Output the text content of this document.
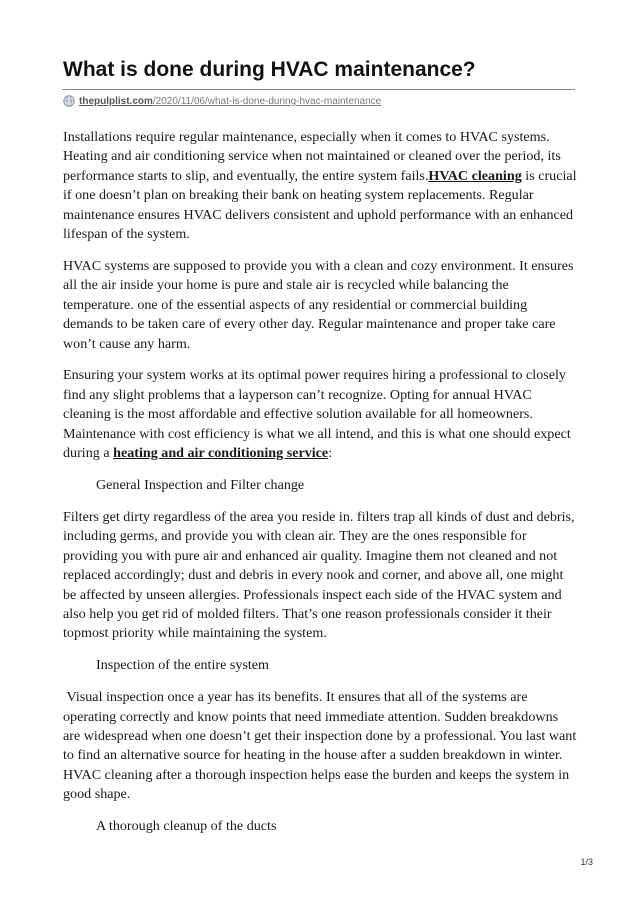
What is done during HVAC maintenance?
thepulplist.com /2020/11/06/what-is-done-during-hvac-maintenance

Installations require regular maintenance, especially when it comes to HVAC systems. Heating and air conditioning service when not maintained or cleaned over the period, its performance starts to slip, and eventually, the entire system fails.HVAC cleaning is crucial if one doesn’t plan on breaking their bank on heating system replacements. Regular maintenance ensures HVAC delivers consistent and uphold performance with an enhanced lifespan of the system.

HVAC systems are supposed to provide you with a clean and cozy environment. It ensures all the air inside your home is pure and stale air is recycled while balancing the temperature. one of the essential aspects of any residential or commercial building demands to be taken care of every other day. Regular maintenance and proper take care won’t cause any harm.

Ensuring your system works at its optimal power requires hiring a professional to closely find any slight problems that a layperson can’t recognize. Opting for annual HVAC cleaning is the most affordable and effective solution available for all homeowners. Maintenance with cost efficiency is what we all intend, and this is what one should expect during a heating and air conditioning service:

General Inspection and Filter change

Filters get dirty regardless of the area you reside in. filters trap all kinds of dust and debris, including germs, and provide you with clean air. They are the ones responsible for providing you with pure air and enhanced air quality. Imagine them not cleaned and not replaced accordingly; dust and debris in every nook and corner, and above all, one might be affected by unseen allergies. Professionals inspect each side of the HVAC system and also help you get rid of molded filters. That’s one reason professionals consider it their topmost priority while maintaining the system.

Inspection of the entire system

Visual inspection once a year has its benefits. It ensures that all of the systems are operating correctly and know points that need immediate attention. Sudden breakdowns are widespread when one doesn’t get their inspection done by a professional. You last want to find an alternative source for heating in the house after a sudden breakdown in winter. HVAC cleaning after a thorough inspection helps ease the burden and keeps the system in good shape.

A thorough cleanup of the ducts

1/3
